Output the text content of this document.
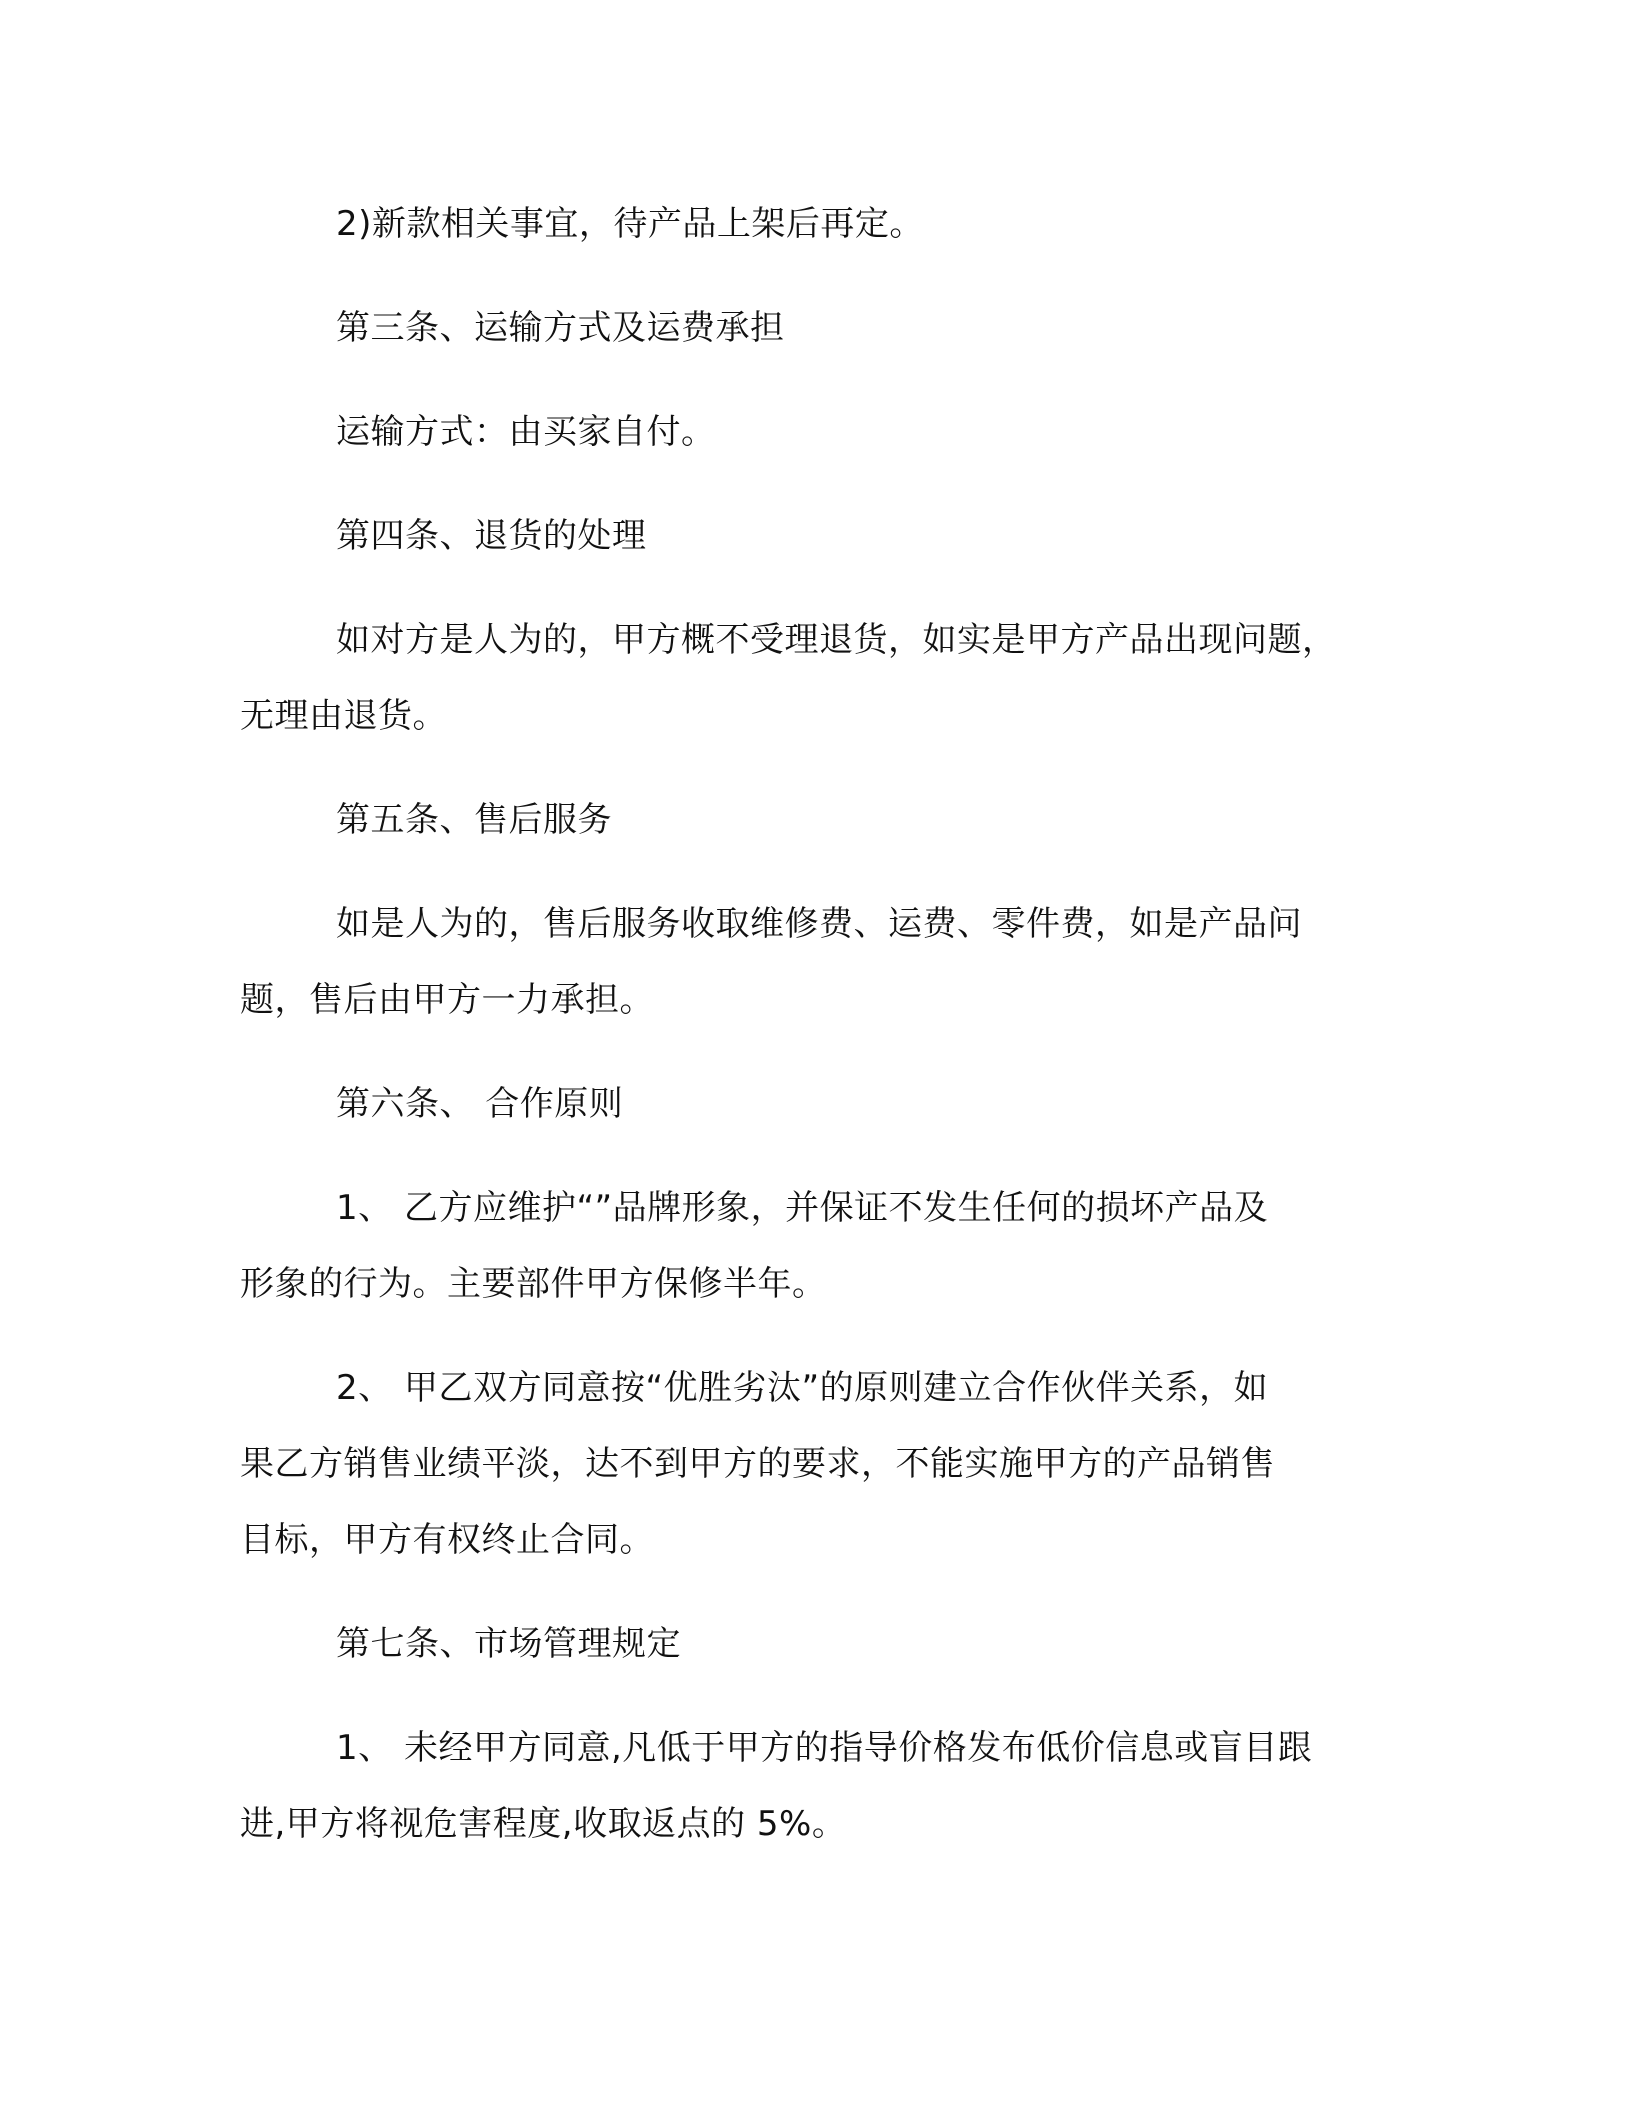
2)新款相关事宜，待产品上架后再定。

第三条、运输方式及运费承担

运输方式：由买家自付。

第四条、退货的处理

如对方是人为的，甲方概不受理退货，如实是甲方产品出现问题，
无理由退货。

第五条、售后服务

如是人为的，售后服务收取维修费、运费、零件费，如是产品问
题，售后由甲方一力承担。

第六条、 合作原则

1、 乙方应维护“”品牌形象，并保证不发生任何的损坏产品及
形象的行为。主要部件甲方保修半年。

2、 甲乙双方同意按“优胜劣汰”的原则建立合作伙伴关系，如
果乙方销售业绩平淡，达不到甲方的要求，不能实施甲方的产品销售
目标，甲方有权终止合同。

第七条、市场管理规定

1、 未经甲方同意,凡低于甲方的指导价格发布低价信息或盲目跟
进,甲方将视危害程度,收取返点的 5%。
